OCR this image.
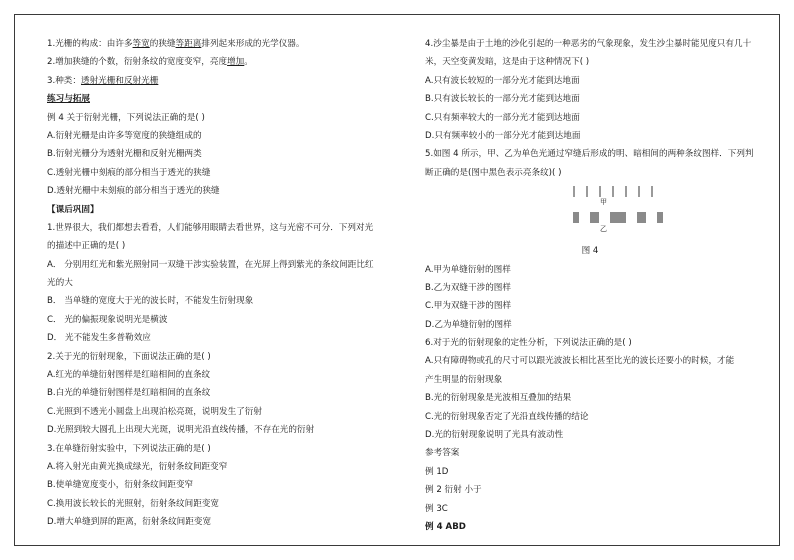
1.光栅的构成：由许多等宽的狭缝等距离排列起来形成的光学仪器。
2.增加狭缝的个数，衍射条纹的宽度变窄，亮度增加。
3.种类：透射光栅和反射光栅
练习与拓展
例 4 关于衍射光栅，下列说法正确的是( )
A.衍射光栅是由许多等宽度的狭缝组成的
B.衍射光栅分为透射光栅和反射光栅两类
C.透射光栅中刻痕的部分相当于透光的狭缝
D.透射光栅中未刻痕的部分相当于透光的狭缝
【课后巩固】
1.世界很大，我们都想去看看，人们能够用眼睛去看世界，这与光密不可分．下列对光
的描述中正确的是( )
A． 分别用红光和紫光照射同一双缝干涉实验装置，在光屏上得到紫光的条纹间距比红
光的大
B． 当单缝的宽度大于光的波长时，不能发生衍射现象
C． 光的偏振现象说明光是横波
D． 光不能发生多普勒效应
2.关于光的衍射现象，下面说法正确的是( )
A.红光的单缝衍射图样是红暗相间的直条纹
B.白光的单缝衍射图样是红暗相间的直条纹
C.光照到不透光小圆盘上出现泊松亮斑，说明发生了衍射
D.光照到较大圆孔上出现大光斑，说明光沿直线传播，不存在光的衍射
3.在单缝衍射实验中，下列说法正确的是( )
A.将入射光由黄光换成绿光，衍射条纹间距变窄
B.使单缝宽度变小，衍射条纹间距变窄
C.换用波长较长的光照射，衍射条纹间距变宽
D.增大单缝到屏的距离，衍射条纹间距变宽
4.沙尘暴是由于土地的沙化引起的一种恶劣的气象现象，发生沙尘暴时能见度只有几十
米，天空变黄发暗，这是由于这种情况下( )
A.只有波长较短的一部分光才能到达地面
B.只有波长较长的一部分光才能到达地面
C.只有频率较大的一部分光才能到达地面
D.只有频率较小的一部分光才能到达地面
5.如图 4 所示，甲、乙为单色光通过窄缝后形成的明、暗相间的两种条纹图样．下列判
断正确的是(图中黑色表示亮条纹)( )
甲
乙
图 4
A.甲为单缝衍射的图样
B.乙为双缝干涉的图样
C.甲为双缝干涉的图样
D.乙为单缝衍射的图样
6.对于光的衍射现象的定性分析，下列说法正确的是( )
A.只有障碍物或孔的尺寸可以跟光波波长相比甚至比光的波长还要小的时候，才能
产生明显的衍射现象
B.光的衍射现象是光波相互叠加的结果
C.光的衍射现象否定了光沿直线传播的结论
D.光的衍射现象说明了光具有波动性
参考答案
例 1D
例 2 衍射 小于
例 3C
例 4 ABD
